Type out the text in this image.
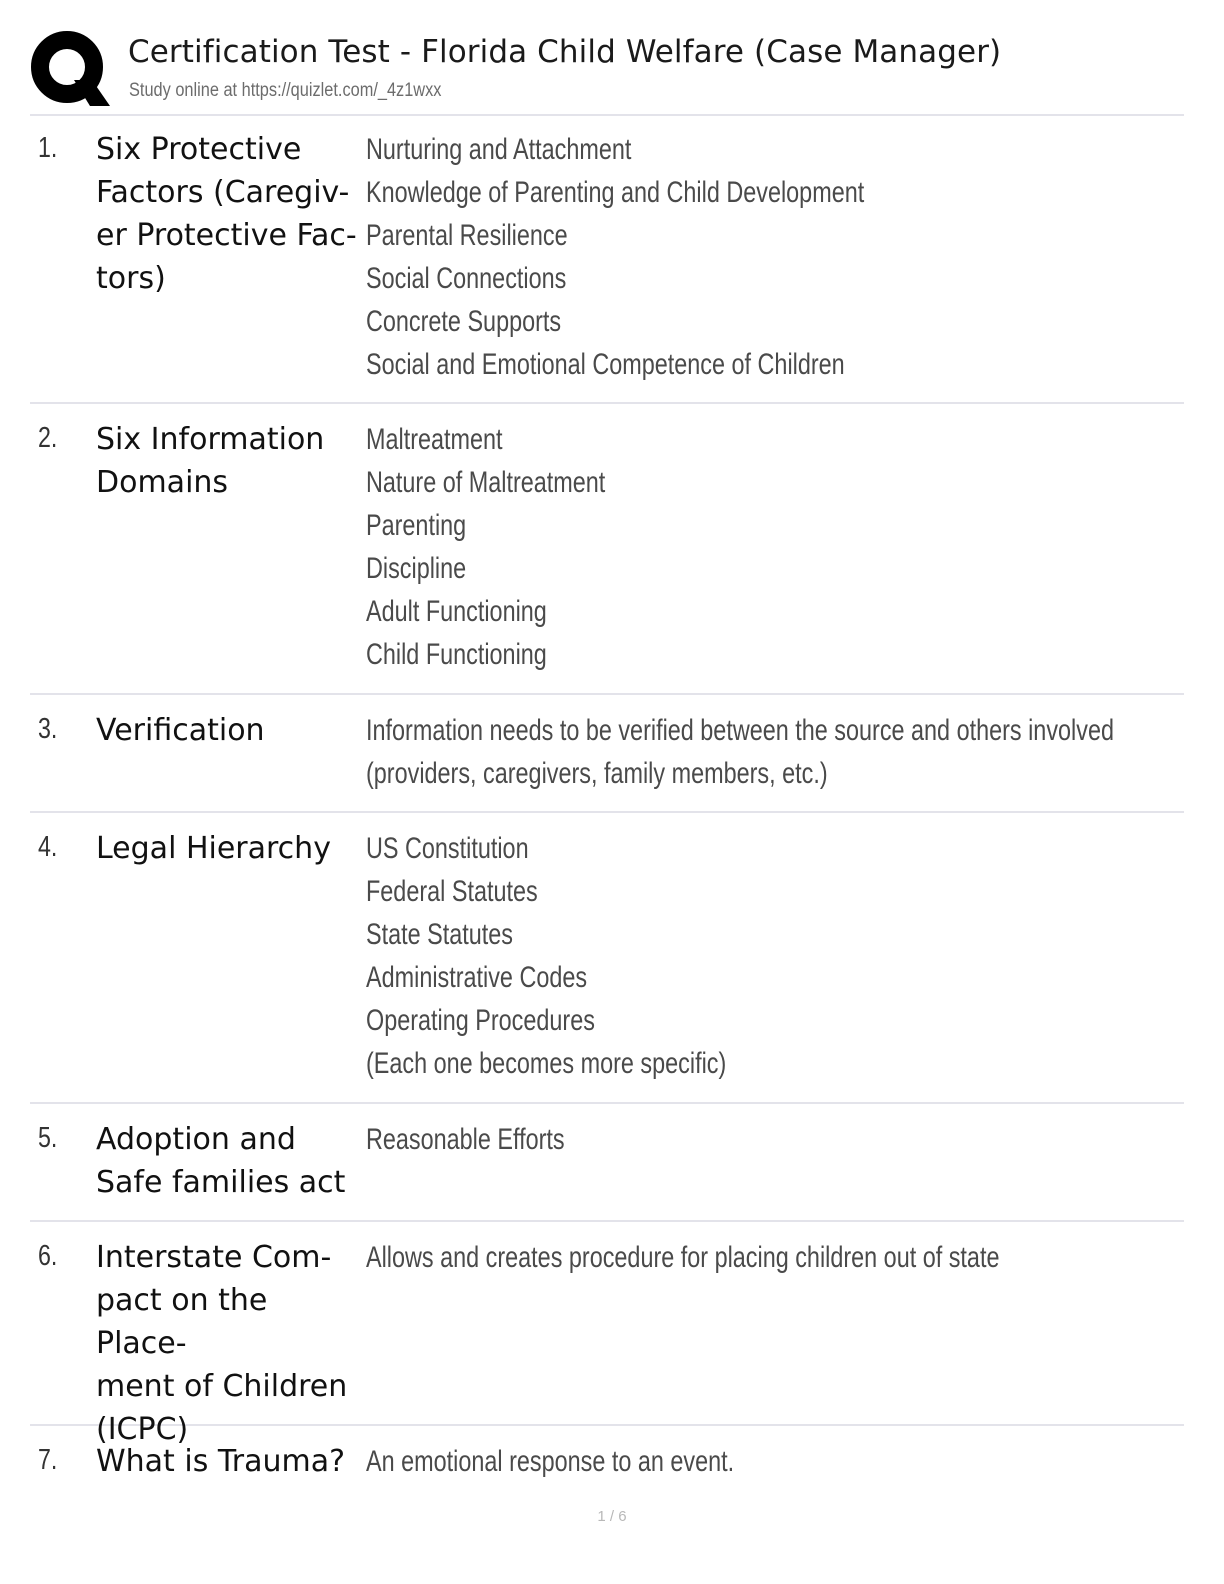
Certification Test - Florida Child Welfare (Case Manager)
Study online at https://quizlet.com/_4z1wxx
1. Six Protective
Factors (Caregiv-
er Protective Fac-
tors)
Nurturing and Attachment
Knowledge of Parenting and Child Development
Parental Resilience
Social Connections
Concrete Supports
Social and Emotional Competence of Children
2. Six Information
Domains
Maltreatment
Nature of Maltreatment
Parenting
Discipline
Adult Functioning
Child Functioning
3. Verification	Information needs to be verified between the source and others involved
(providers, caregivers, family members, etc.)
4. Legal Hierarchy	US Constitution
Federal Statutes
State Statutes
Administrative Codes
Operating Procedures
(Each one becomes more specific)
5. Adoption and
Safe families act
Reasonable Efforts
6. Interstate Com-
pact on the Place-
ment of Children
(ICPC)
Allows and creates procedure for placing children out of state
7. What is Trauma? An emotional response to an event.
1 / 6
